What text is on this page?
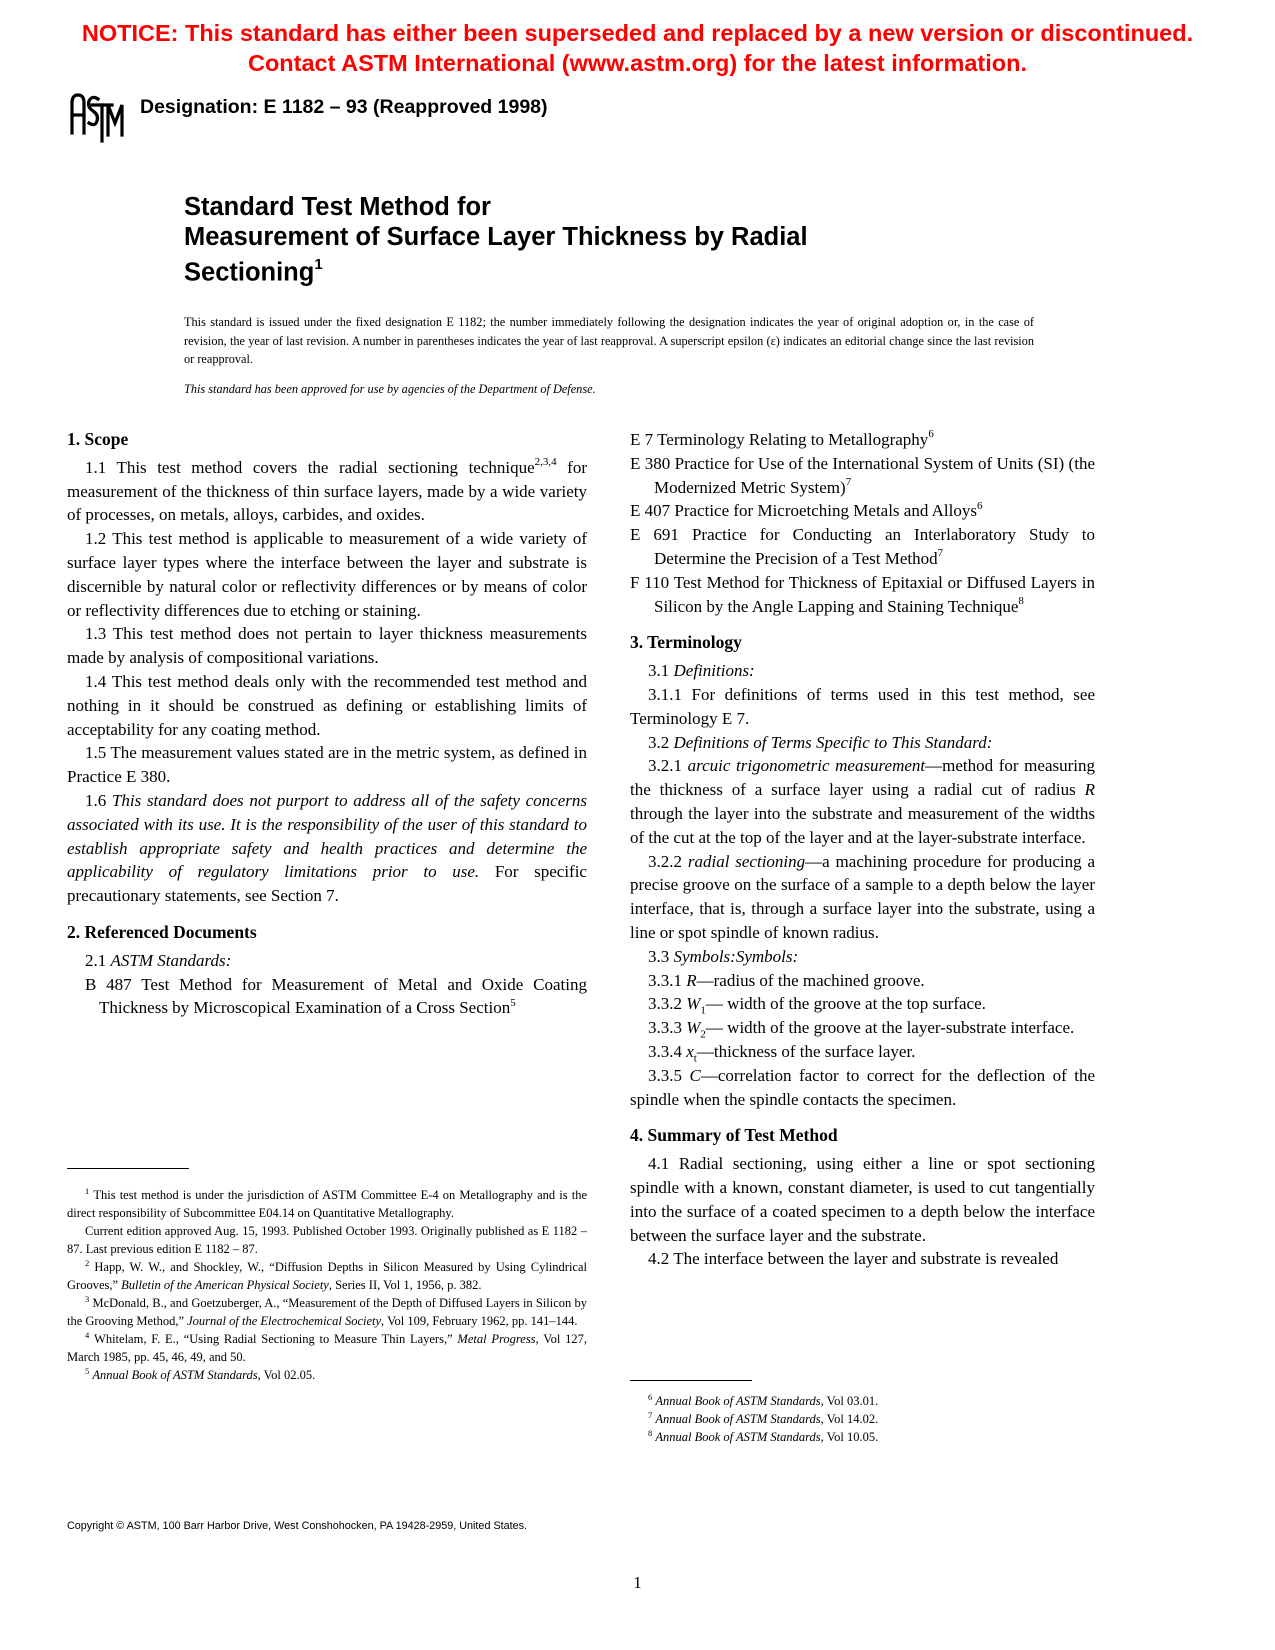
NOTICE: This standard has either been superseded and replaced by a new version or discontinued.
Contact ASTM International (www.astm.org) for the latest information.
Designation: E 1182 – 93 (Reapproved 1998)
Standard Test Method for
Measurement of Surface Layer Thickness by Radial
Sectioning$^1$
This standard is issued under the fixed designation E 1182; the number immediately following the designation indicates the year of original adoption or, in the case of revision, the year of last revision. A number in parentheses indicates the year of last reapproval. A superscript epsilon (ε) indicates an editorial change since the last revision or reapproval.
This standard has been approved for use by agencies of the Department of Defense.
1. Scope

1.1 This test method covers the radial sectioning technique$^{2,3,4}$ for measurement of the thickness of thin surface layers, made by a wide variety of processes, on metals, alloys, carbides, and oxides.

1.2 This test method is applicable to measurement of a wide variety of surface layer types where the interface between the layer and substrate is discernible by natural color or reflectivity differences or by means of color or reflectivity differences due to etching or staining.

1.3 This test method does not pertain to layer thickness measurements made by analysis of compositional variations.

1.4 This test method deals only with the recommended test method and nothing in it should be construed as defining or establishing limits of acceptability for any coating method.

1.5 The measurement values stated are in the metric system, as defined in Practice E 380.

1.6 This standard does not purport to address all of the safety concerns associated with its use. It is the responsibility of the user of this standard to establish appropriate safety and health practices and determine the applicability of regulatory limitations prior to use. For specific precautionary statements, see Section 7.

2. Referenced Documents

2.1 ASTM Standards:

B 487 Test Method for Measurement of Metal and Oxide Coating Thickness by Microscopical Examination of a Cross Section$^5$

E 7 Terminology Relating to Metallography$^6$

E 380 Practice for Use of the International System of Units (SI) (the Modernized Metric System)$^7$

E 407 Practice for Microetching Metals and Alloys$^6$

E 691 Practice for Conducting an Interlaboratory Study to Determine the Precision of a Test Method$^7$

F 110 Test Method for Thickness of Epitaxial or Diffused Layers in Silicon by the Angle Lapping and Staining Technique$^8$

3. Terminology

3.1 Definitions:

3.1.1 For definitions of terms used in this test method, see Terminology E 7.

3.2 Definitions of Terms Specific to This Standard:

3.2.1 arcuic trigonometric measurement—method for measuring the thickness of a surface layer using a radial cut of radius R through the layer into the substrate and measurement of the widths of the cut at the top of the layer and at the layer-substrate interface.

3.2.2 radial sectioning—a machining procedure for producing a precise groove on the surface of a sample to a depth below the layer interface, that is, through a surface layer into the substrate, using a line or spot spindle of known radius.

3.3 Symbols:Symbols:

3.3.1 R—radius of the machined groove.

3.3.2 $W_1—$ width of the groove at the top surface.

3.3.3 $W_2—$ width of the groove at the layer-substrate interface.

3.3.4 $x_t—thickness$ of the surface layer.

3.3.5 C—correlation factor to correct for the deflection of the spindle when the spindle contacts the specimen.

4. Summary of Test Method

4.1 Radial sectioning, using either a line or spot sectioning spindle with a known, constant diameter, is used to cut tangentially into the surface of a coated specimen to a depth below the interface between the surface layer and the substrate.

4.2 The interface between the layer and substrate is revealed

$^1$ This test method is under the jurisdiction of ASTM Committee E-4 on Metallography and is the direct responsibility of Subcommittee E04.14 on Quantitative Metallography.

Current edition approved Aug. 15, 1993. Published October 1993. Originally published as E 1182 – 87. Last previous edition E 1182 – 87.

$^2$ Happ, W. W., and Shockley, W., “Diffusion Depths in Silicon Measured by Using Cylindrical Grooves,” Bulletin of the American Physical Society, Series II, Vol 1, 1956, p. 382.

$^3$ McDonald, B., and Goetzuberger, A., “Measurement of the Depth of Diffused Layers in Silicon by the Grooving Method,” Journal of the Electrochemical Society, Vol 109, February 1962, pp. 141–144.

$^4$ Whitelam, F. E., “Using Radial Sectioning to Measure Thin Layers,” Metal Progress, Vol 127, March 1985, pp. 45, 46, 49, and 50.

$^5$ Annual Book of ASTM Standards, Vol 02.05.

$^6$ Annual Book of ASTM Standards, Vol 03.01.

$^7$ Annual Book of ASTM Standards, Vol 14.02.

$^8$ Annual Book of ASTM Standards, Vol 10.05.

Copyright © ASTM, 100 Barr Harbor Drive, West Conshohocken, PA 19428-2959, United States.
1
